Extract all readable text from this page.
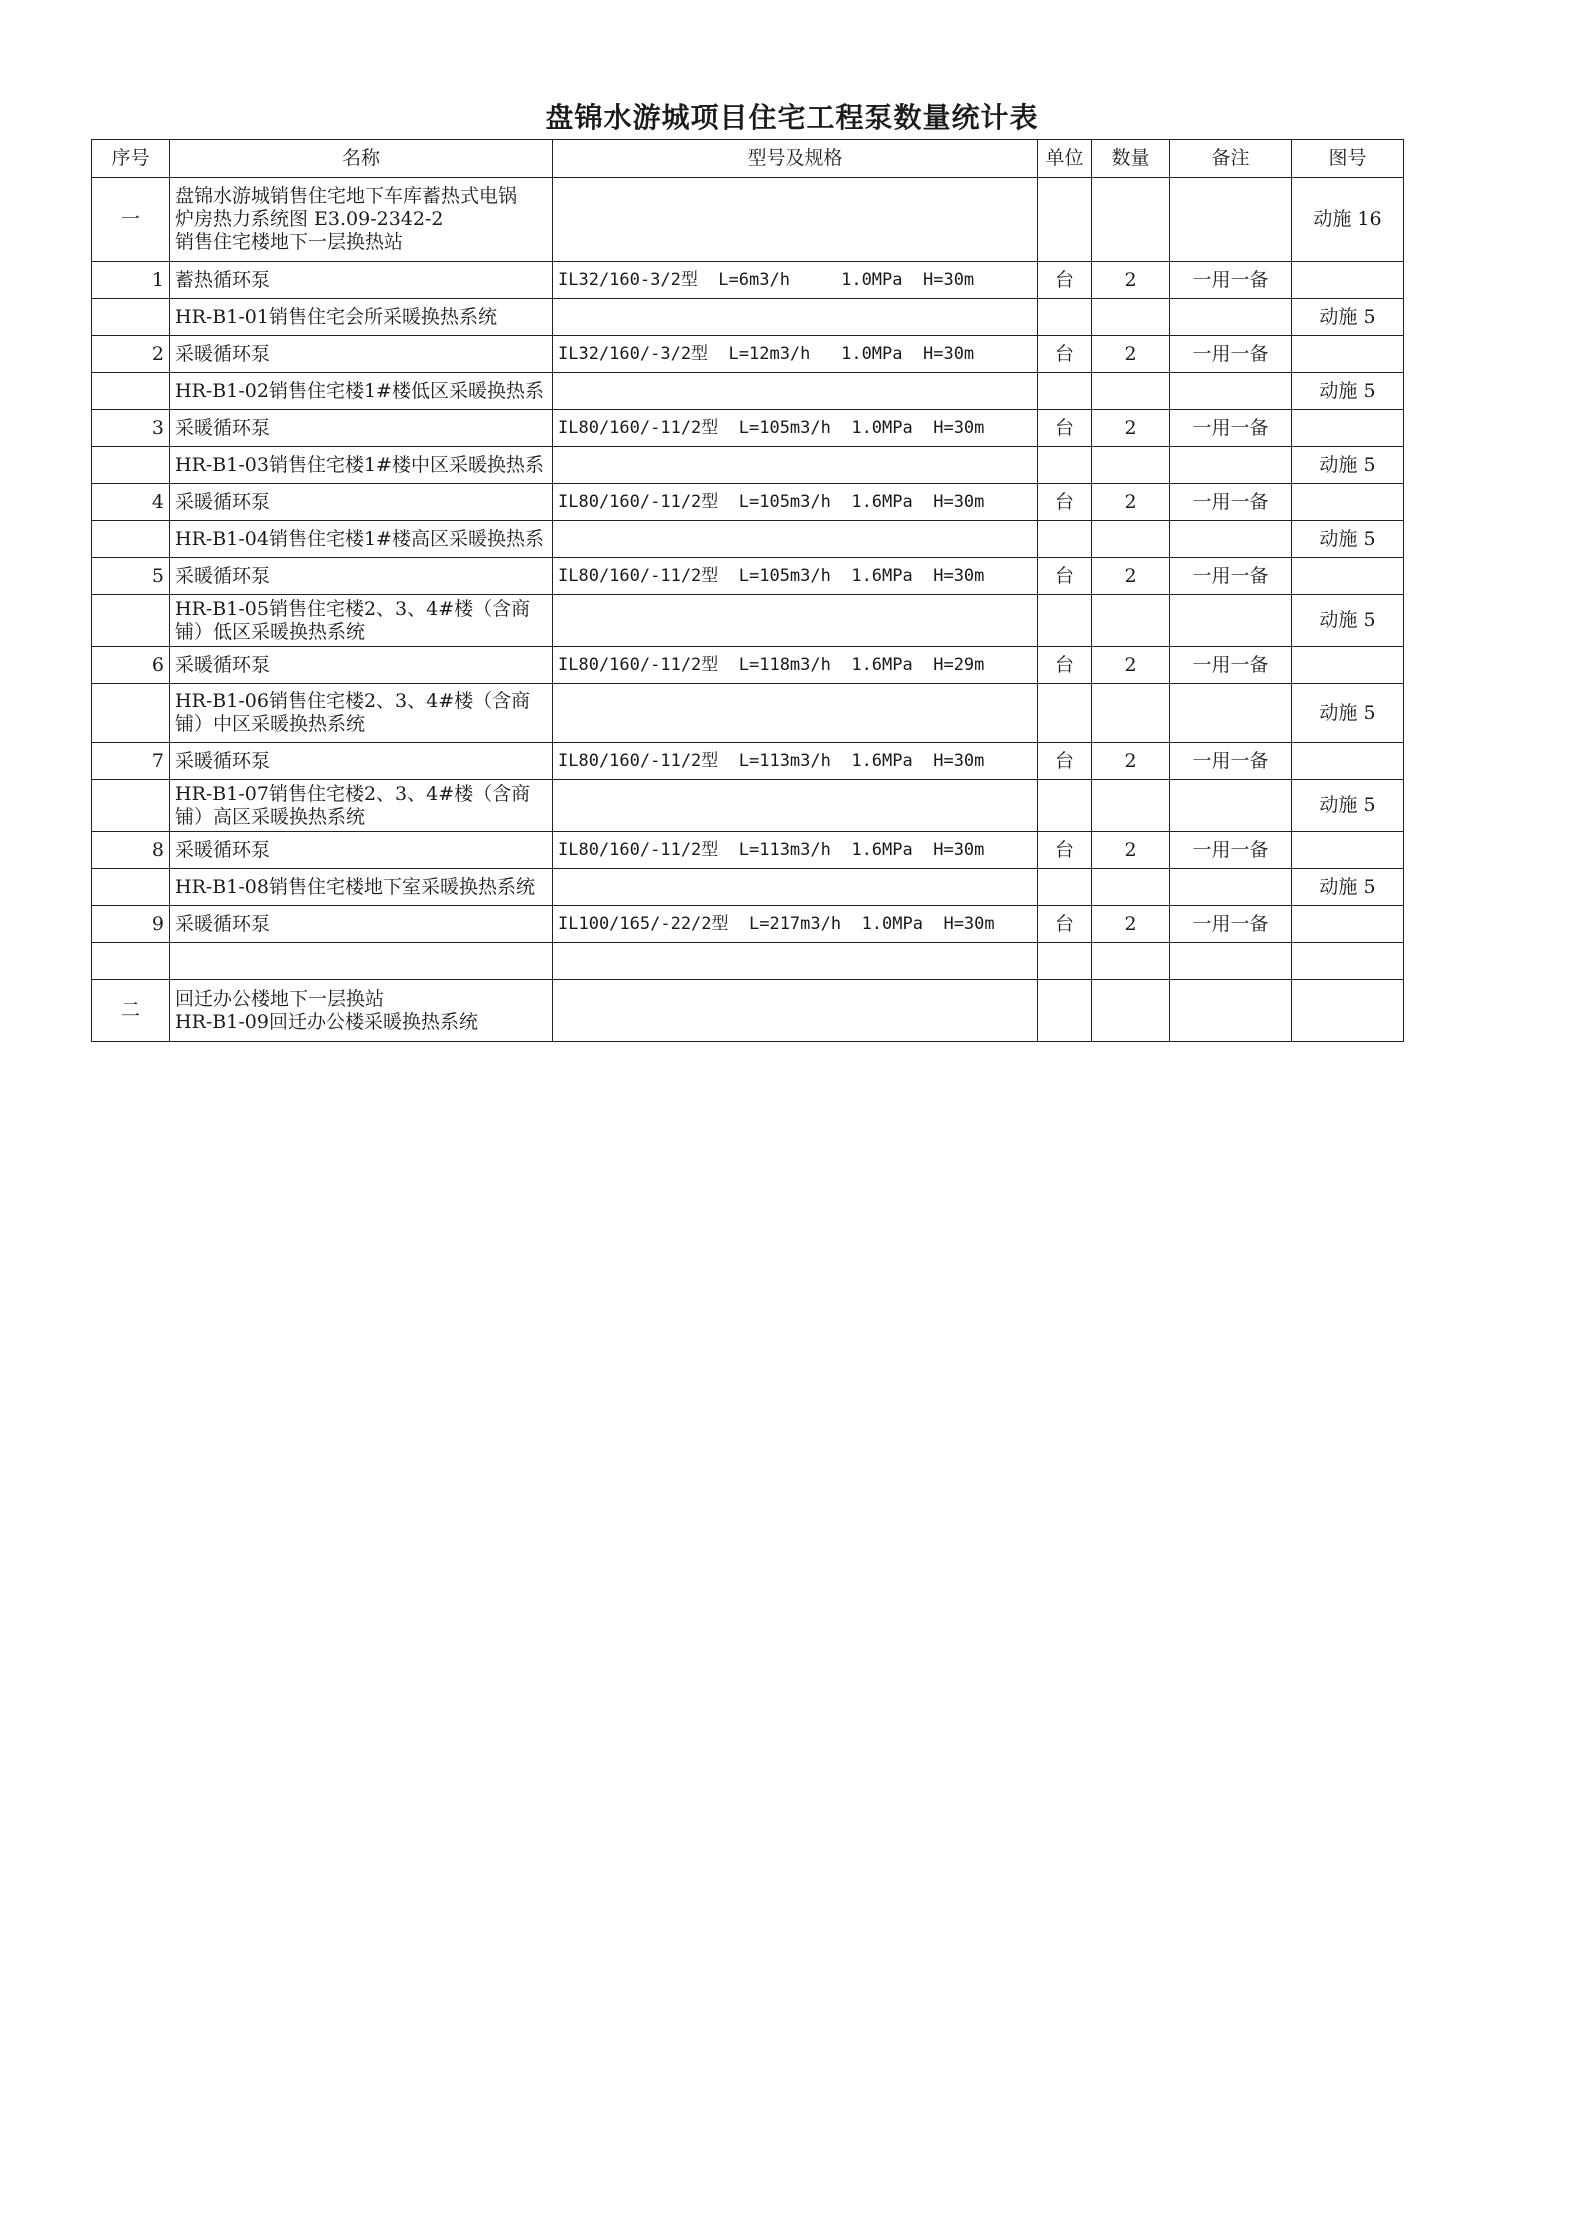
盘锦水游城项目住宅工程泵数量统计表
序号	名称	型号及规格	单位	数量	备注	图号
一	盘锦水游城销售住宅地下车库蓄热式电锅
炉房热力系统图 E3.09-2342-2
销售住宅楼地下一层换热站					动施 16
1	蓄热循环泵	IL32/160-3/2型  L=6m3/h     1.0MPa  H=30m	台	2	一用一备	
	HR-B1-01销售住宅会所采暖换热系统					动施 5
2	采暖循环泵	IL32/160/-3/2型  L=12m3/h   1.0MPa  H=30m	台	2	一用一备	
	HR-B1-02销售住宅楼1#楼低区采暖换热系					动施 5
3	采暖循环泵	IL80/160/-11/2型  L=105m3/h  1.0MPa  H=30m	台	2	一用一备	
	HR-B1-03销售住宅楼1#楼中区采暖换热系					动施 5
4	采暖循环泵	IL80/160/-11/2型  L=105m3/h  1.6MPa  H=30m	台	2	一用一备	
	HR-B1-04销售住宅楼1#楼高区采暖换热系					动施 5
5	采暖循环泵	IL80/160/-11/2型  L=105m3/h  1.6MPa  H=30m	台	2	一用一备	
	HR-B1-05销售住宅楼2、3、4#楼（含商
铺）低区采暖换热系统					动施 5
6	采暖循环泵	IL80/160/-11/2型  L=118m3/h  1.6MPa  H=29m	台	2	一用一备	
	HR-B1-06销售住宅楼2、3、4#楼（含商
铺）中区采暖换热系统					动施 5
7	采暖循环泵	IL80/160/-11/2型  L=113m3/h  1.6MPa  H=30m	台	2	一用一备	
	HR-B1-07销售住宅楼2、3、4#楼（含商
铺）高区采暖换热系统					动施 5
8	采暖循环泵	IL80/160/-11/2型  L=113m3/h  1.6MPa  H=30m	台	2	一用一备	
	HR-B1-08销售住宅楼地下室采暖换热系统					动施 5
9	采暖循环泵	IL100/165/-22/2型  L=217m3/h  1.0MPa  H=30m	台	2	一用一备	

二	回迁办公楼地下一层换站
HR-B1-09回迁办公楼采暖换热系统					
